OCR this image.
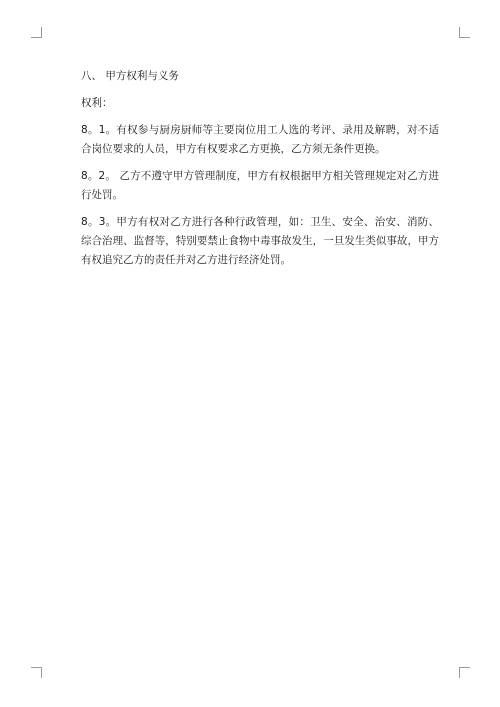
八、 甲方权利与义务
权利：
8。1。有权参与厨房厨师等主要岗位用工人选的考评、录用及解聘，对不适合岗位要求的人员，甲方有权要求乙方更换，乙方须无条件更换。
8。2。 乙方不遵守甲方管理制度，甲方有权根据甲方相关管理规定对乙方进行处罚。
8。3。甲方有权对乙方进行各种行政管理，如：卫生、安全、治安、消防、综合治理、监督等，特别要禁止食物中毒事故发生，一旦发生类似事故，甲方有权追究乙方的责任并对乙方进行经济处罚。
